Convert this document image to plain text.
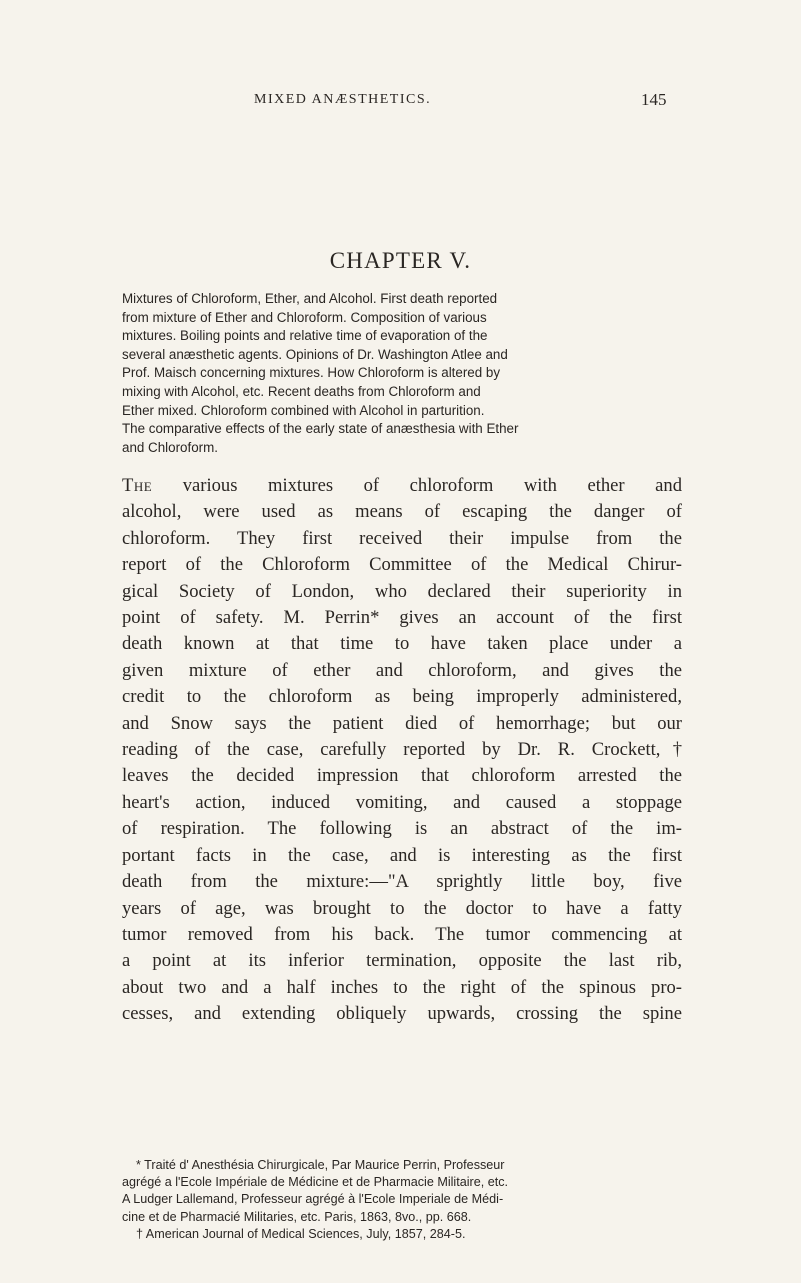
MIXED ANÆSTHETICS.	145
CHAPTER V.

Mixtures of Chloroform, Ether, and Alcohol. First death reported
from mixture of Ether and Chloroform. Composition of various
mixtures. Boiling points and relative time of evaporation of the
several anæsthetic agents. Opinions of Dr. Washington Atlee and
Prof. Maisch concerning mixtures. How Chloroform is altered by
mixing with Alcohol, etc. Recent deaths from Chloroform and
Ether mixed. Chloroform combined with Alcohol in parturition.
The comparative effects of the early state of anæsthesia with Ether
and Chloroform.

The various mixtures of chloroform with ether and
alcohol, were used as means of escaping the danger of
chloroform. They first received their impulse from the
report of the Chloroform Committee of the Medical Chirur-
gical Society of London, who declared their superiority in
point of safety. M. Perrin* gives an account of the first
death known at that time to have taken place under a
given mixture of ether and chloroform, and gives the
credit to the chloroform as being improperly administered,
and Snow says the patient died of hemorrhage; but our
reading of the case, carefully reported by Dr. R. Crockett,†
leaves the decided impression that chloroform arrested the
heart's action, induced vomiting, and caused a stoppage
of respiration. The following is an abstract of the im-
portant facts in the case, and is interesting as the first
death from the mixture:—"A sprightly little boy, five
years of age, was brought to the doctor to have a fatty
tumor removed from his back. The tumor commencing at
a point at its inferior termination, opposite the last rib,
about two and a half inches to the right of the spinous pro-
cesses, and extending obliquely upwards, crossing the spine

* Traité d' Anesthésia Chirurgicale, Par Maurice Perrin, Professeur
agrégé a l'Ecole Impériale de Médicine et de Pharmacie Militaire, etc.
A Ludger Lallemand, Professeur agrégé à l'Ecole Imperiale de Médi-
cine et de Pharmacié Militaries, etc. Paris, 1863, 8vo., pp. 668.
† American Journal of Medical Sciences, July, 1857, 284-5.
